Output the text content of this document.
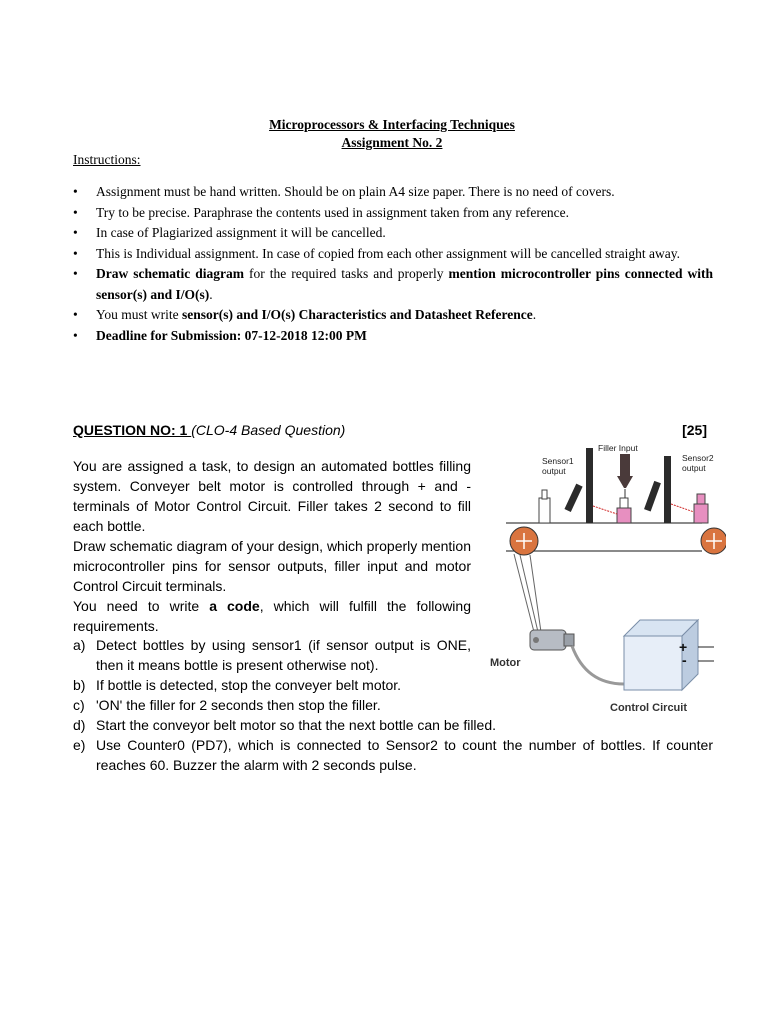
Microprocessors & Interfacing Techniques
Assignment No. 2
Instructions:
• Assignment must be hand written. Should be on plain A4 size paper. There is no need of covers.
• Try to be precise. Paraphrase the contents used in assignment taken from any reference.
• In case of Plagiarized assignment it will be cancelled.
• This is Individual assignment. In case of copied from each other assignment will be cancelled straight away.
• Draw schematic diagram for the required tasks and properly mention microcontroller pins connected with sensor(s) and I/O(s).
• You must write sensor(s) and I/O(s) Characteristics and Datasheet Reference.
• Deadline for Submission: 07-12-2018 12:00 PM
QUESTION NO: 1 (CLO-4 Based Question)	[25]

You are assigned a task, to design an automated bottles filling system. Conveyer belt motor is controlled through + and - terminals of Motor Control Circuit. Filler takes 2 second to fill each bottle.

Draw schematic diagram of your design, which properly mention microcontroller pins for sensor outputs, filler input and motor Control Circuit terminals.

You need to write a code, which will fulfill the following requirements.

a) Detect bottles by using sensor1 (if sensor output is ONE, then it means bottle is present otherwise not).
b) If bottle is detected, stop the conveyer belt motor.
c) 'ON' the filler for 2 seconds then stop the filler.
d) Start the conveyor belt motor so that the next bottle can be filled.
e) Use Counter0 (PD7), which is connected to Sensor2 to count the number of bottles. If counter reaches 60. Buzzer the alarm with 2 seconds pulse.
Filler Input
Sensor1
output
Sensor2
output
Motor
Control Circuit
+
-
